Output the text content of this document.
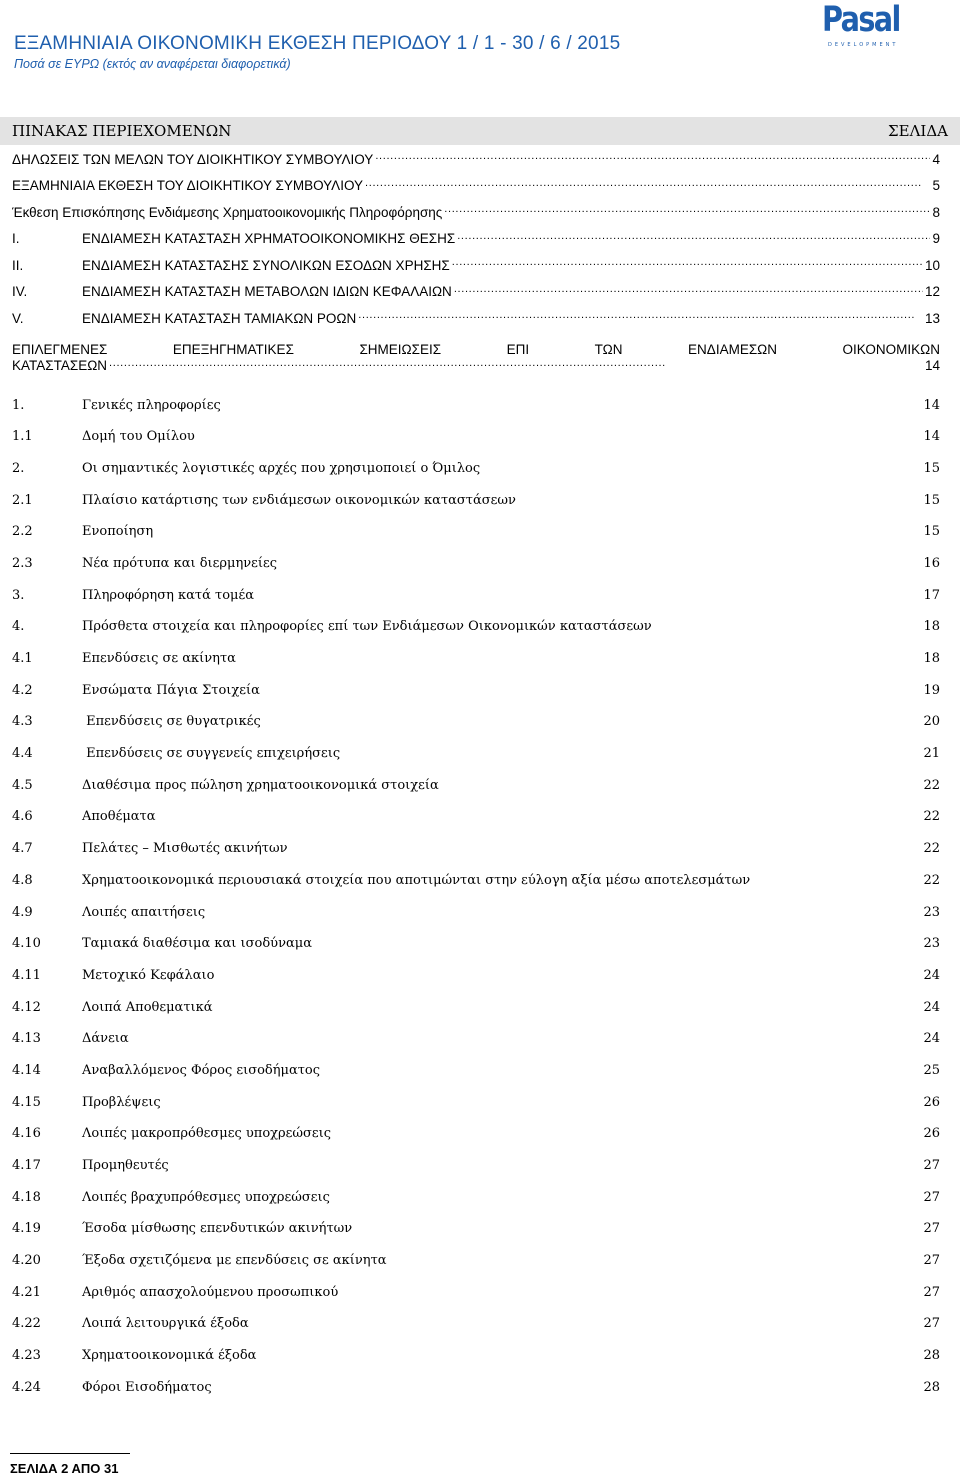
ΕΞΑΜΗΝΙΑΙΑ ΟΙΚΟΝΟΜΙΚΗ ΕΚΘΕΣΗ ΠΕΡΙΟΔΟΥ 1 / 1 - 30 / 6 / 2015
Ποσά σε ΕΥΡΩ (εκτός αν αναφέρεται διαφορετικά)
Pasal
DEVELOPMENT
ΠΙΝΑΚΑΣ ΠΕΡΙΕΧΟΜΕΝΩΝ	ΣΕΛΙΔΑ
ΔΗΛΩΣΕΙΣ ΤΩΝ ΜΕΛΩΝ ΤΟΥ ΔΙΟΙΚΗΤΙΚΟΥ ΣΥΜΒΟΥΛΙΟΥ . . .	4
ΕΞΑΜΗΝΙΑΙΑ ΕΚΘΕΣΗ ΤΟΥ ΔΙΟΙΚΗΤΙΚΟΥ ΣΥΜΒΟΥΛΙΟΥ . . .	5
Έκθεση Επισκόπησης Ενδιάμεσης Χρηματοοικονομικής Πληροφόρησης . . .	8
I.	ΕΝΔΙΑΜΕΣΗ ΚΑΤΑΣΤΑΣΗ ΧΡΗΜΑΤΟΟΙΚΟΝΟΜΙΚΗΣ ΘΕΣΗΣ . . .	9
II.	ΕΝΔΙΑΜΕΣΗ ΚΑΤΑΣΤΑΣΗΣ ΣΥΝΟΛΙΚΩΝ ΕΣΟΔΩΝ ΧΡΗΣΗΣ . . .	10
IV.	ΕΝΔΙΑΜΕΣΗ ΚΑΤΑΣΤΑΣΗ ΜΕΤΑΒΟΛΩΝ ΙΔΙΩΝ ΚΕΦΑΛΑΙΩΝ . . .	12
V.	ΕΝΔΙΑΜΕΣΗ ΚΑΤΑΣΤΑΣΗ ΤΑΜΙΑΚΩΝ ΡΟΩΝ . . .	13
ΕΠΙΛΕΓΜΕΝΕΣ	ΕΠΕΞΗΓΗΜΑΤΙΚΕΣ	ΣΗΜΕΙΩΣΕΙΣ	ΕΠΙ	ΤΩΝ	ΕΝΔΙΑΜΕΣΩΝ	ΟΙΚΟΝΟΜΙΚΩΝ
ΚΑΤΑΣΤΑΣΕΩΝ . . .	14
1.	Γενικές πληροφορίες . . .	14
1.1	Δομή του Ομίλου . . .	14
2.	Οι σημαντικές λογιστικές αρχές που χρησιμοποιεί ο Όμιλος . . .	15
2.1	Πλαίσιο κατάρτισης των ενδιάμεσων οικονομικών καταστάσεων . . .	15
2.2	Ενοποίηση . . .	15
2.3	Νέα πρότυπα και διερμηνείες . . .	16
3.	Πληροφόρηση κατά τομέα . . .	17
4.	Πρόσθετα στοιχεία και πληροφορίες επί των Ενδιάμεσων Οικονομικών καταστάσεων . . .	18
4.1	Επενδύσεις σε ακίνητα . . .	18
4.2	Ενσώματα Πάγια Στοιχεία . . .	19
4.3	Επενδύσεις σε θυγατρικές . . .	20
4.4	Επενδύσεις σε συγγενείς επιχειρήσεις . . .	21
4.5	Διαθέσιμα προς πώληση χρηματοοικονομικά στοιχεία . . .	22
4.6	Αποθέματα . . .	22
4.7	Πελάτες – Μισθωτές ακινήτων . . .	22
4.8	Χρηματοοικονομικά περιουσιακά στοιχεία που αποτιμώνται στην εύλογη αξία μέσω αποτελεσμάτων . . .	22
4.9	Λοιπές απαιτήσεις . . .	23
4.10	Ταμιακά διαθέσιμα και ισοδύναμα . . .	23
4.11	Μετοχικό Κεφάλαιο . . .	24
4.12	Λοιπά Αποθεματικά . . .	24
4.13	Δάνεια . . .	24
4.14	Αναβαλλόμενος Φόρος εισοδήματος . . .	25
4.15	Προβλέψεις . . .	26
4.16	Λοιπές μακροπρόθεσμες υποχρεώσεις . . .	26
4.17	Προμηθευτές . . .	27
4.18	Λοιπές βραχυπρόθεσμες υποχρεώσεις . . .	27
4.19	Έσοδα μίσθωσης επενδυτικών ακινήτων . . .	27
4.20	Έξοδα σχετιζόμενα με επενδύσεις σε ακίνητα . . .	27
4.21	Αριθμός απασχολούμενου προσωπικού . . .	27
4.22	Λοιπά λειτουργικά έξοδα . . .	27
4.23	Χρηματοοικονομικά έξοδα . . .	28
4.24	Φόροι Εισοδήματος . . .	28
ΣΕΛΙΔΑ 2 ΑΠΟ 31
